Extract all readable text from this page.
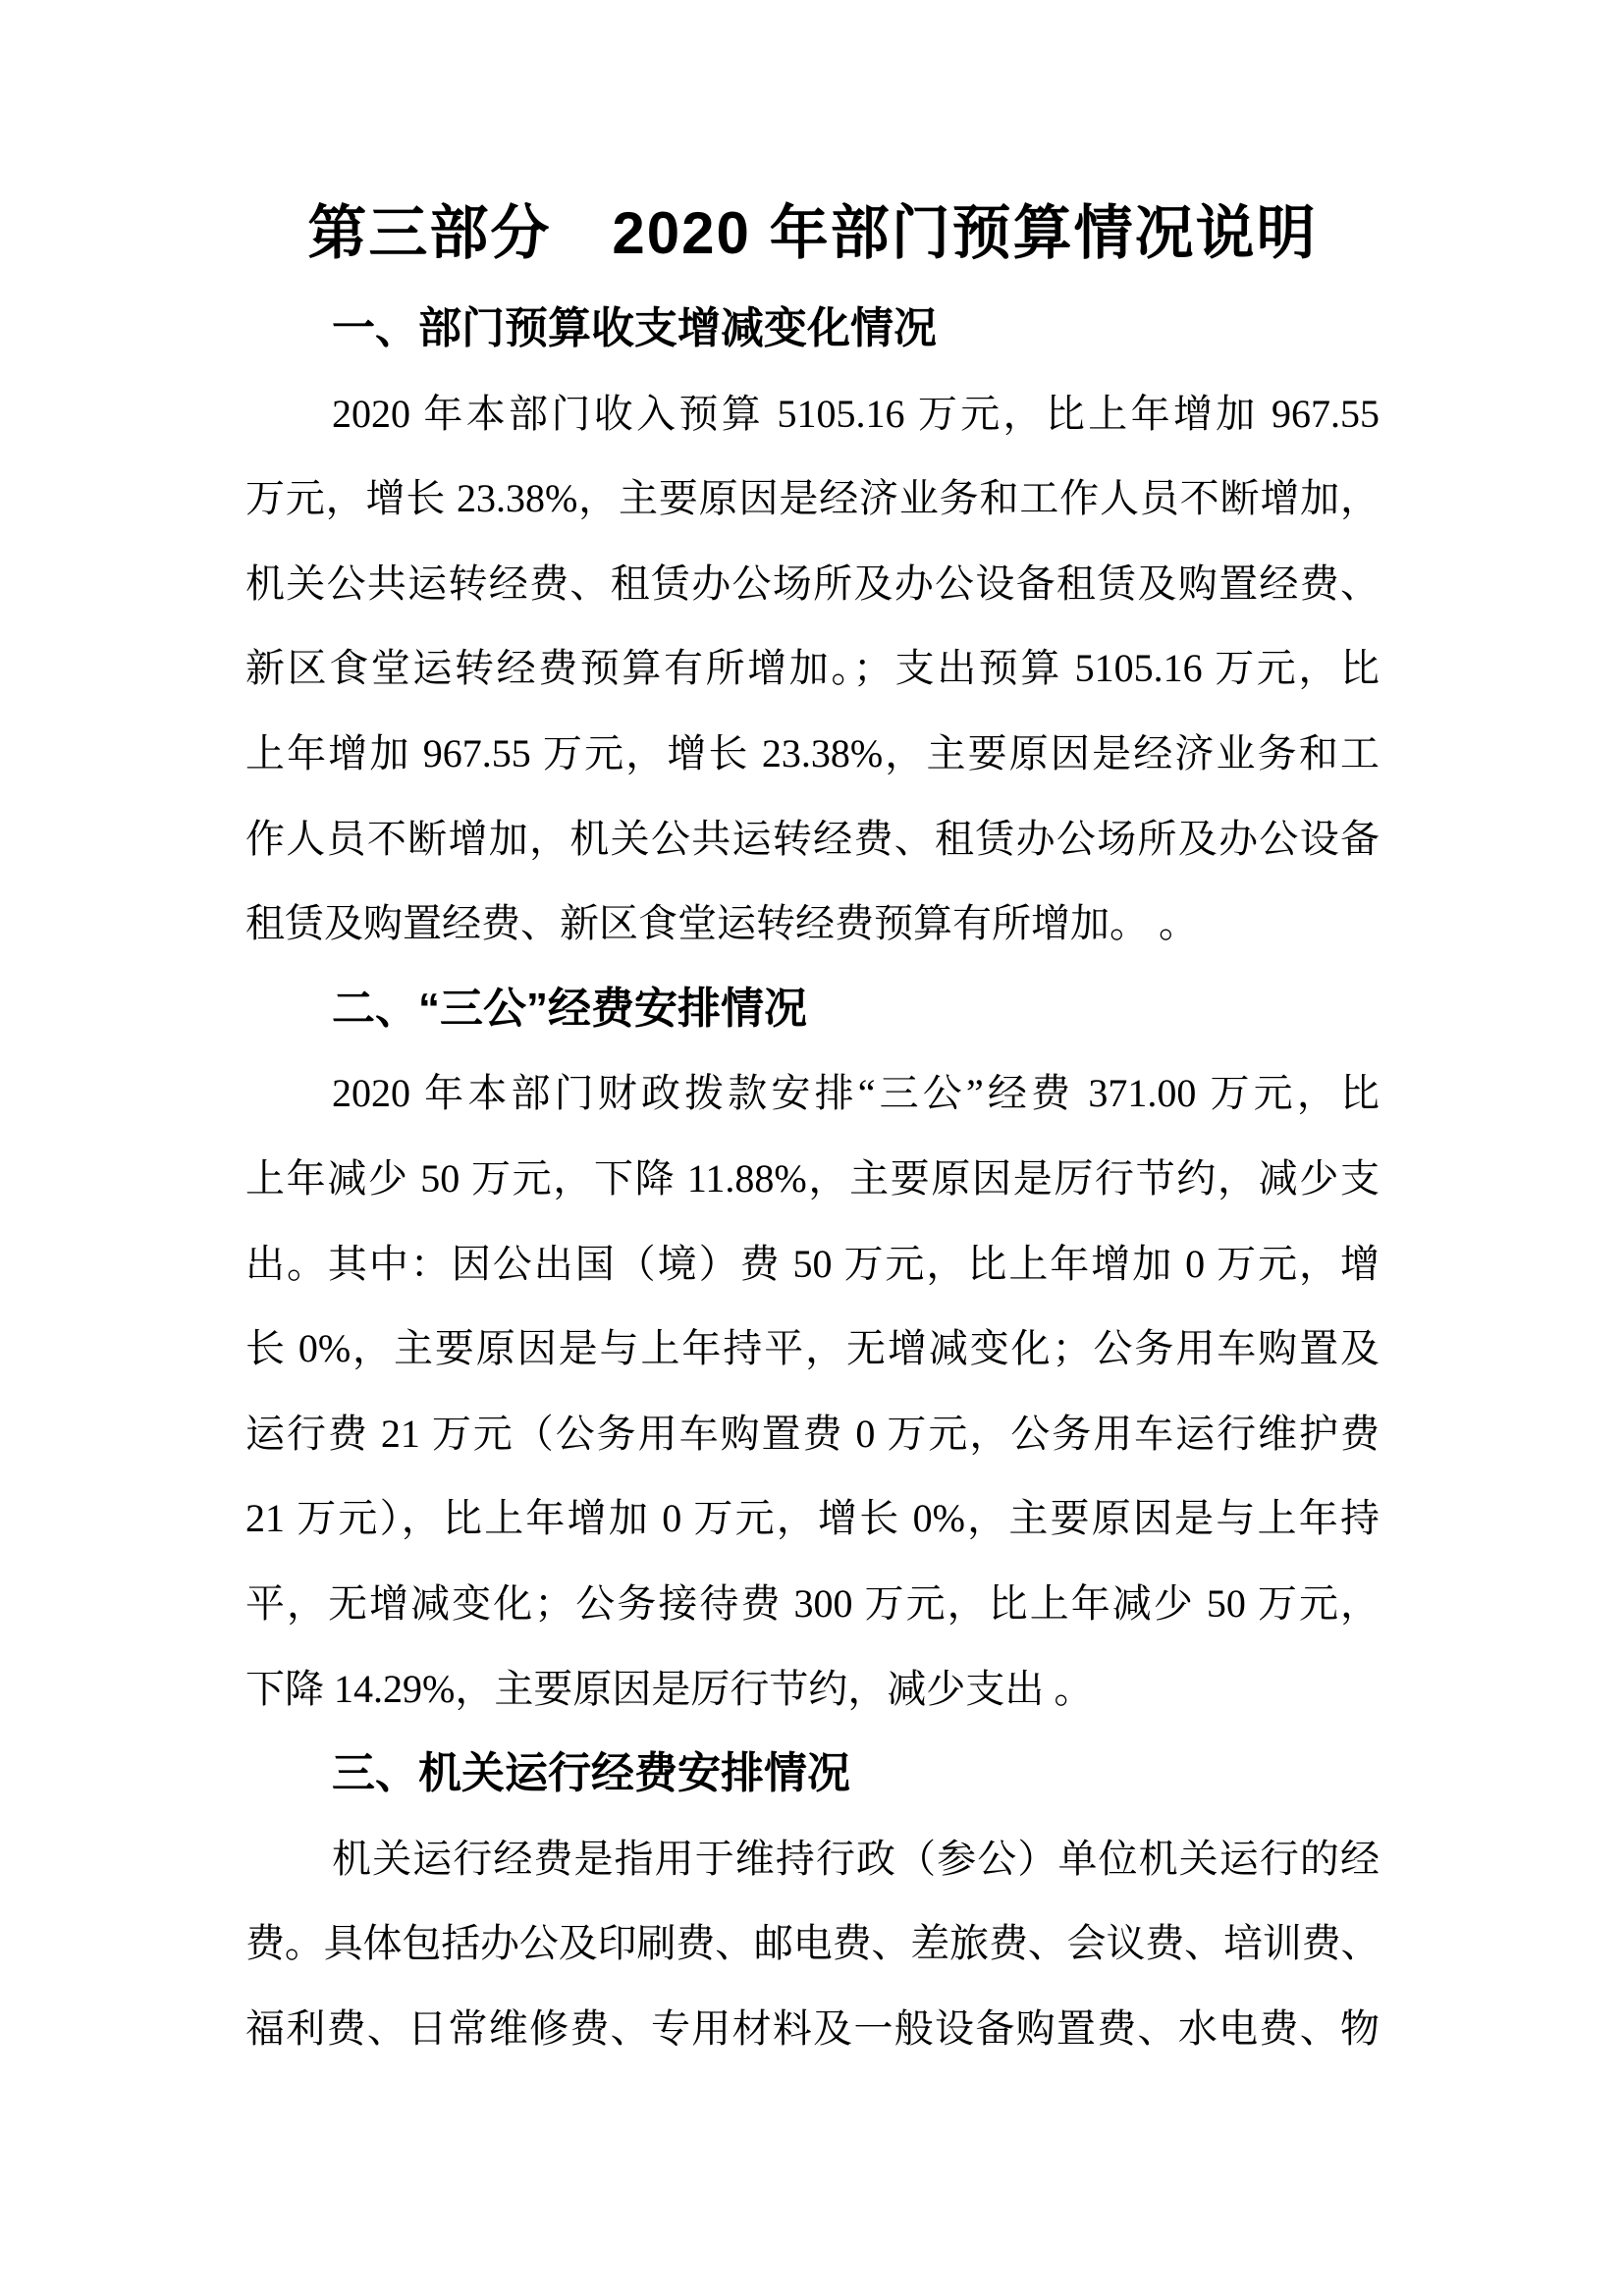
第三部分　2020 年部门预算情况说明
一、部门预算收支增减变化情况
2020 年本部门收入预算 5105.16 万元，比上年增加 967.55
万元，增长 23.38%，主要原因是经济业务和工作人员不断增加，
机关公共运转经费、租赁办公场所及办公设备租赁及购置经费、
新区食堂运转经费预算有所增加。；支出预算 5105.16 万元，比
上年增加 967.55 万元，增长 23.38%，主要原因是经济业务和工
作人员不断增加，机关公共运转经费、租赁办公场所及办公设备
租赁及购置经费、新区食堂运转经费预算有所增加。 。
二、“三公”经费安排情况
2020 年本部门财政拨款安排“三公”经费 371.00 万元，比
上年减少 50 万元，下降 11.88%，主要原因是厉行节约，减少支
出。其中：因公出国（境）费 50 万元，比上年增加 0 万元，增
长 0%，主要原因是与上年持平，无增减变化；公务用车购置及
运行费 21 万元（公务用车购置费 0 万元，公务用车运行维护费
21 万元），比上年增加 0 万元，增长 0%，主要原因是与上年持
平，无增减变化；公务接待费 300 万元，比上年减少 50 万元，
下降 14.29%，主要原因是厉行节约，减少支出 。
三、机关运行经费安排情况
机关运行经费是指用于维持行政（参公）单位机关运行的经
费。具体包括办公及印刷费、邮电费、差旅费、会议费、培训费、
福利费、日常维修费、专用材料及一般设备购置费、水电费、物
